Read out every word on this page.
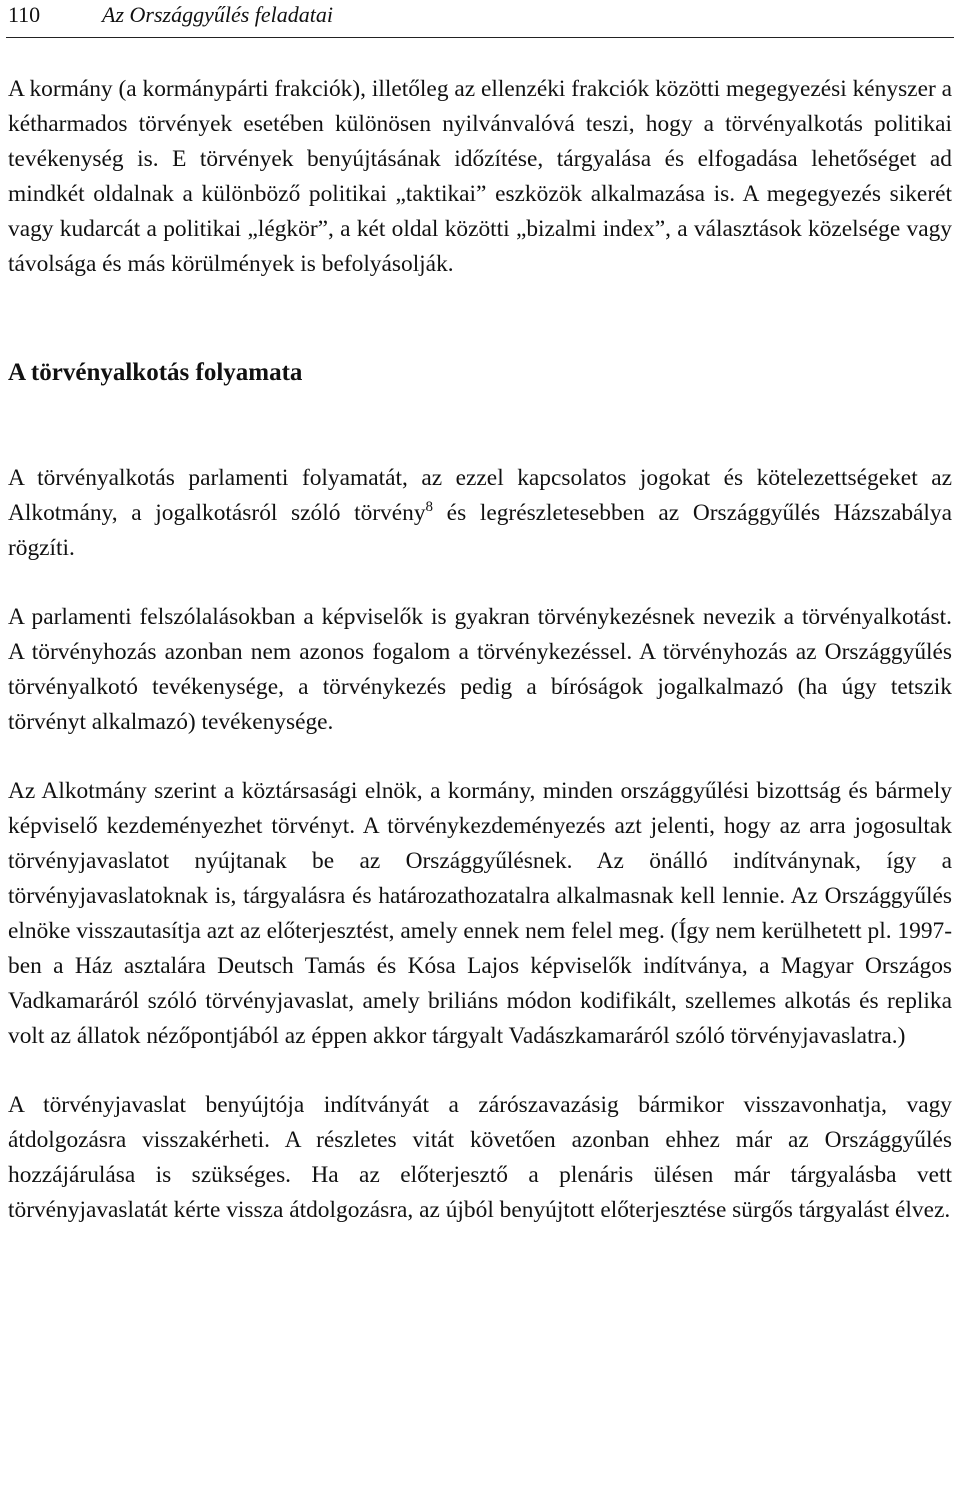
110	Az Országgyűlés feladatai

A kormány (a kormánypárti frakciók), illetőleg az ellenzéki frakciók közötti megegyezési kényszer a kétharmados törvények esetében különösen nyilvánvalóvá teszi, hogy a törvényalkotás politikai tevékenység is. E törvények benyújtásának időzítése, tárgyalása és elfogadása lehetőséget ad mindkét oldalnak a különböző politikai „taktikai” eszközök alkalmazása is. A megegyezés sikerét vagy kudarcát a politikai „légkör”, a két oldal közötti „bizalmi index”, a választások közelsége vagy távolsága és más körülmények is befolyásolják.

A törvényalkotás folyamata

A törvényalkotás parlamenti folyamatát, az ezzel kapcsolatos jogokat és kötelezettségeket az Alkotmány, a jogalkotásról szóló törvény$^8$ és legrészletesebben az Országgyűlés Házszabálya rögzíti.

A parlamenti felszólalásokban a képviselők is gyakran törvénykezésnek nevezik a törvényalkotást. A törvényhozás azonban nem azonos fogalom a törvénykezéssel. A törvényhozás az Országgyűlés törvényalkotó tevékenysége, a törvénykezés pedig a bíróságok jogalkalmazó (ha úgy tetszik törvényt alkalmazó) tevékenysége.

Az Alkotmány szerint a köztársasági elnök, a kormány, minden országgyűlési bizottság és bármely képviselő kezdeményezhet törvényt. A törvénykezdeményezés azt jelenti, hogy az arra jogosultak törvényjavaslatot nyújtanak be az Országgyűlésnek. Az önálló indítványnak, így a törvényjavaslatoknak is, tárgyalásra és határozathozatalra alkalmasnak kell lennie. Az Országgyűlés elnöke visszautasítja azt az előterjesztést, amely ennek nem felel meg. (Így nem kerülhetett pl. 1997-ben a Ház asztalára Deutsch Tamás és Kósa Lajos képviselők indítványa, a Magyar Országos Vadkamaráról szóló törvényjavaslat, amely briliáns módon kodifikált, szellemes alkotás és replika volt az állatok nézőpontjából az éppen akkor tárgyalt Vadászkamaráról szóló törvényjavaslatra.)

A törvényjavaslat benyújtója indítványát a zárószavazásig bármikor visszavonhatja, vagy átdolgozásra visszakérheti. A részletes vitát követően azonban ehhez már az Országgyűlés hozzájárulása is szükséges. Ha az előterjesztő a plenáris ülésen már tárgyalásba vett törvényjavaslatát kérte vissza átdolgozásra, az újból benyújtott előterjesztése sürgős tárgyalást élvez.
